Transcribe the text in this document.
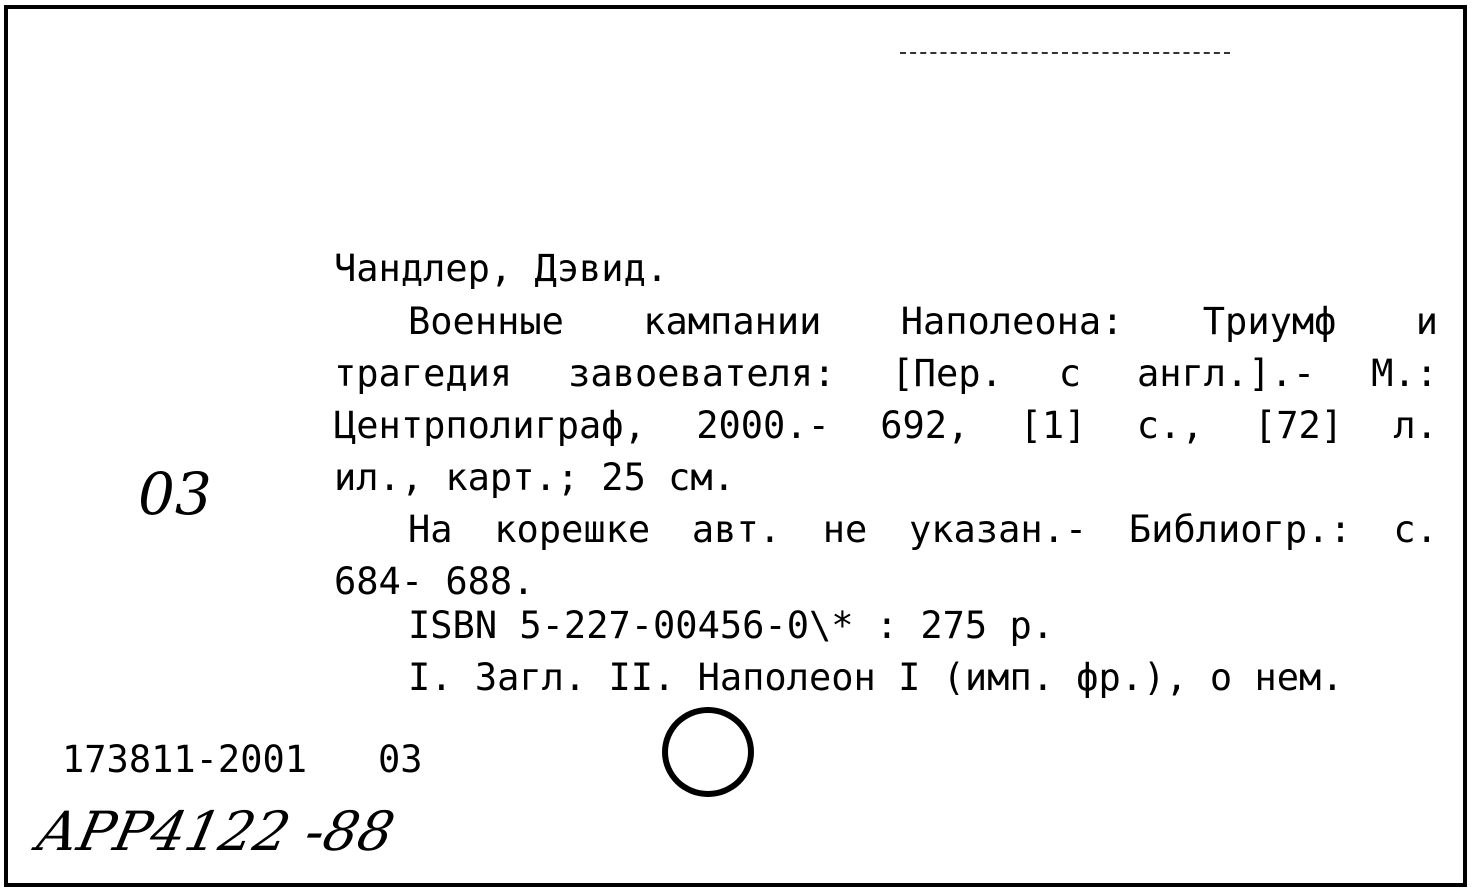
Чандлер, Дэвид.
Военные кампании Наполеона: Триумф и
трагедия завоевателя: [Пер. с англ.].- М.:
Центрполиграф, 2000.- 692, [1] с., [72] л.
ил., карт.; 25 см.
На корешке авт. не указан.- Библиогр.: с.
684- 688.
ISBN 5-227-00456-0\* : 275 р.
I. Загл. II. Наполеон I (имп. фр.), о нем.
03
173811-2001 03
АРР4122 -88
